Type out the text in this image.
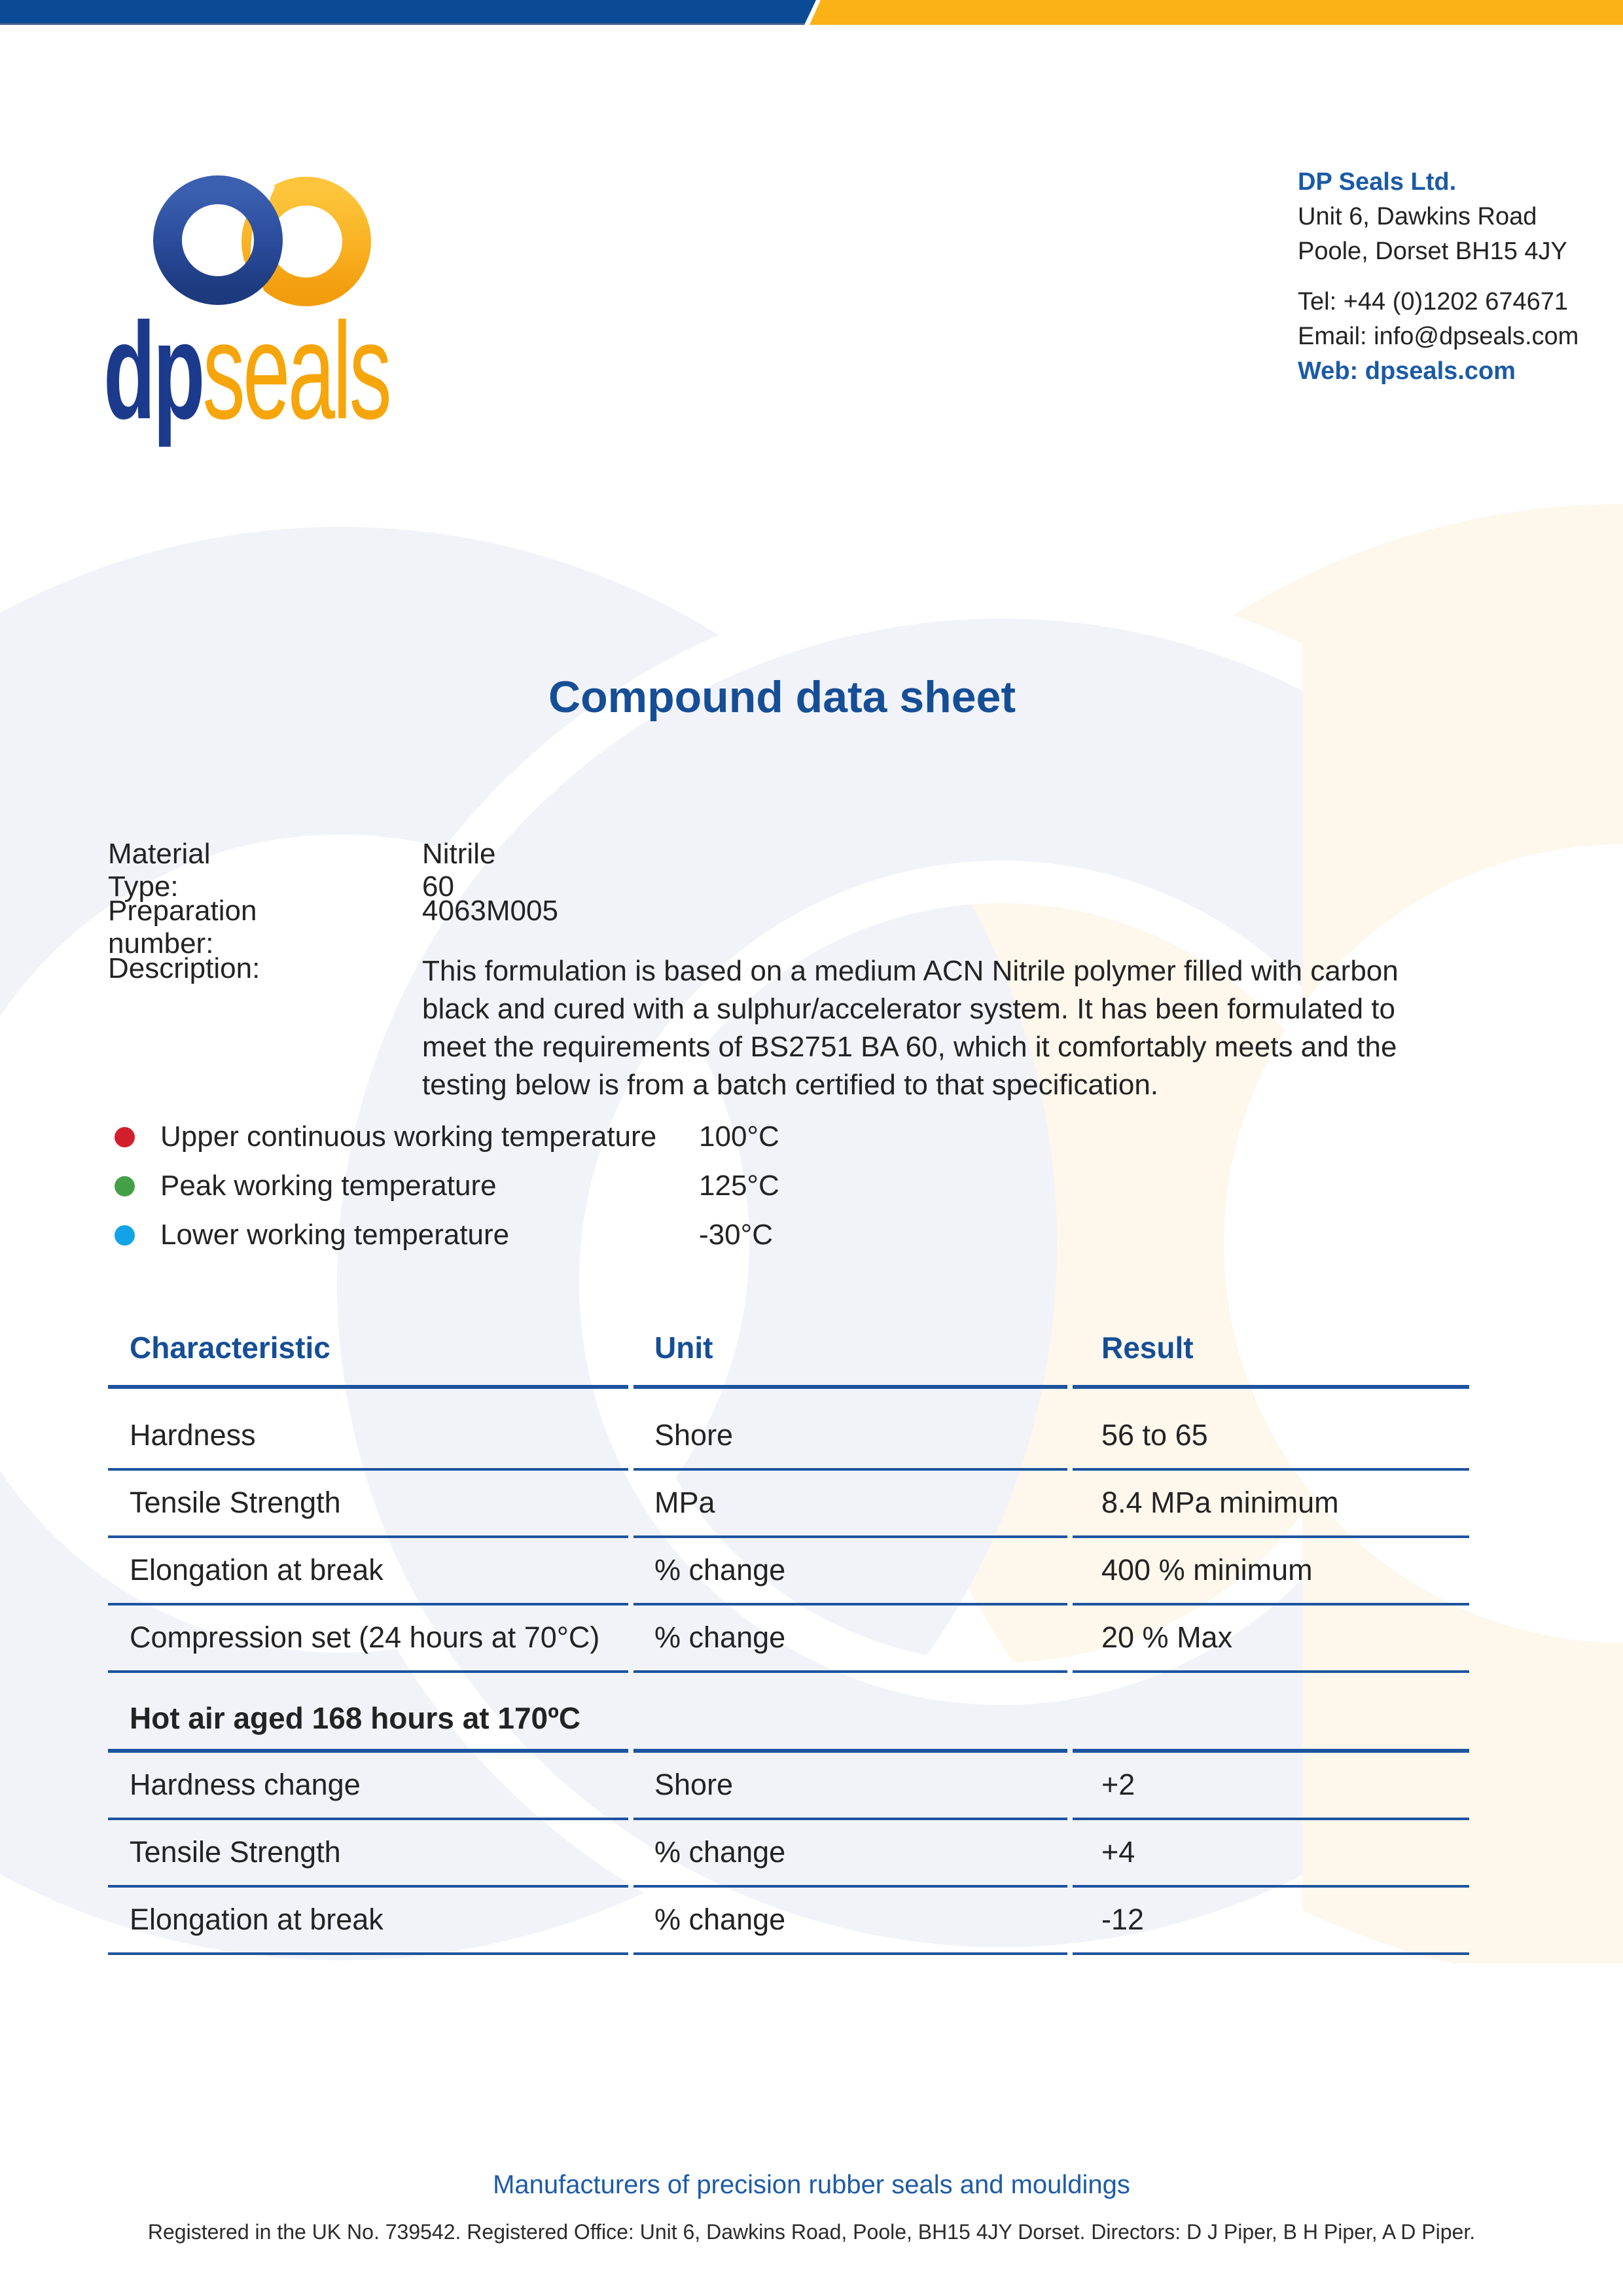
dpseals
DP Seals Ltd.
Unit 6, Dawkins Road
Poole, Dorset BH15 4JY
Tel: +44 (0)1202 674671
Email: info@dpseals.com
Web: dpseals.com
Compound data sheet
Material Type:
Nitrile 60
Preparation number:
4063M005
Description:	This formulation is based on a medium ACN Nitrile polymer filled with carbon black and cured with a sulphur/accelerator system. It has been formulated to meet the requirements of BS2751 BA 60, which it comfortably meets and the testing below is from a batch certified to that specification.
Upper continuous working temperature 100°C
Peak working temperature	125°C
Lower working temperature	-30°C
Characteristic	Unit	Result
Hardness	Shore	56 to 65
Tensile Strength	MPa	8.4 MPa minimum
Elongation at break	% change	400 % minimum
Compression set (24 hours at 70°C)	% change	20 % Max
Hot air aged 168 hours at 170ºC
Hardness change	Shore	+2
Tensile Strength	% change	+4
Elongation at break	% change	-12
Manufacturers of precision rubber seals and mouldings
Registered in the UK No. 739542. Registered Office: Unit 6, Dawkins Road, Poole, BH15 4JY Dorset. Directors: D J Piper, B H Piper, A D Piper.
